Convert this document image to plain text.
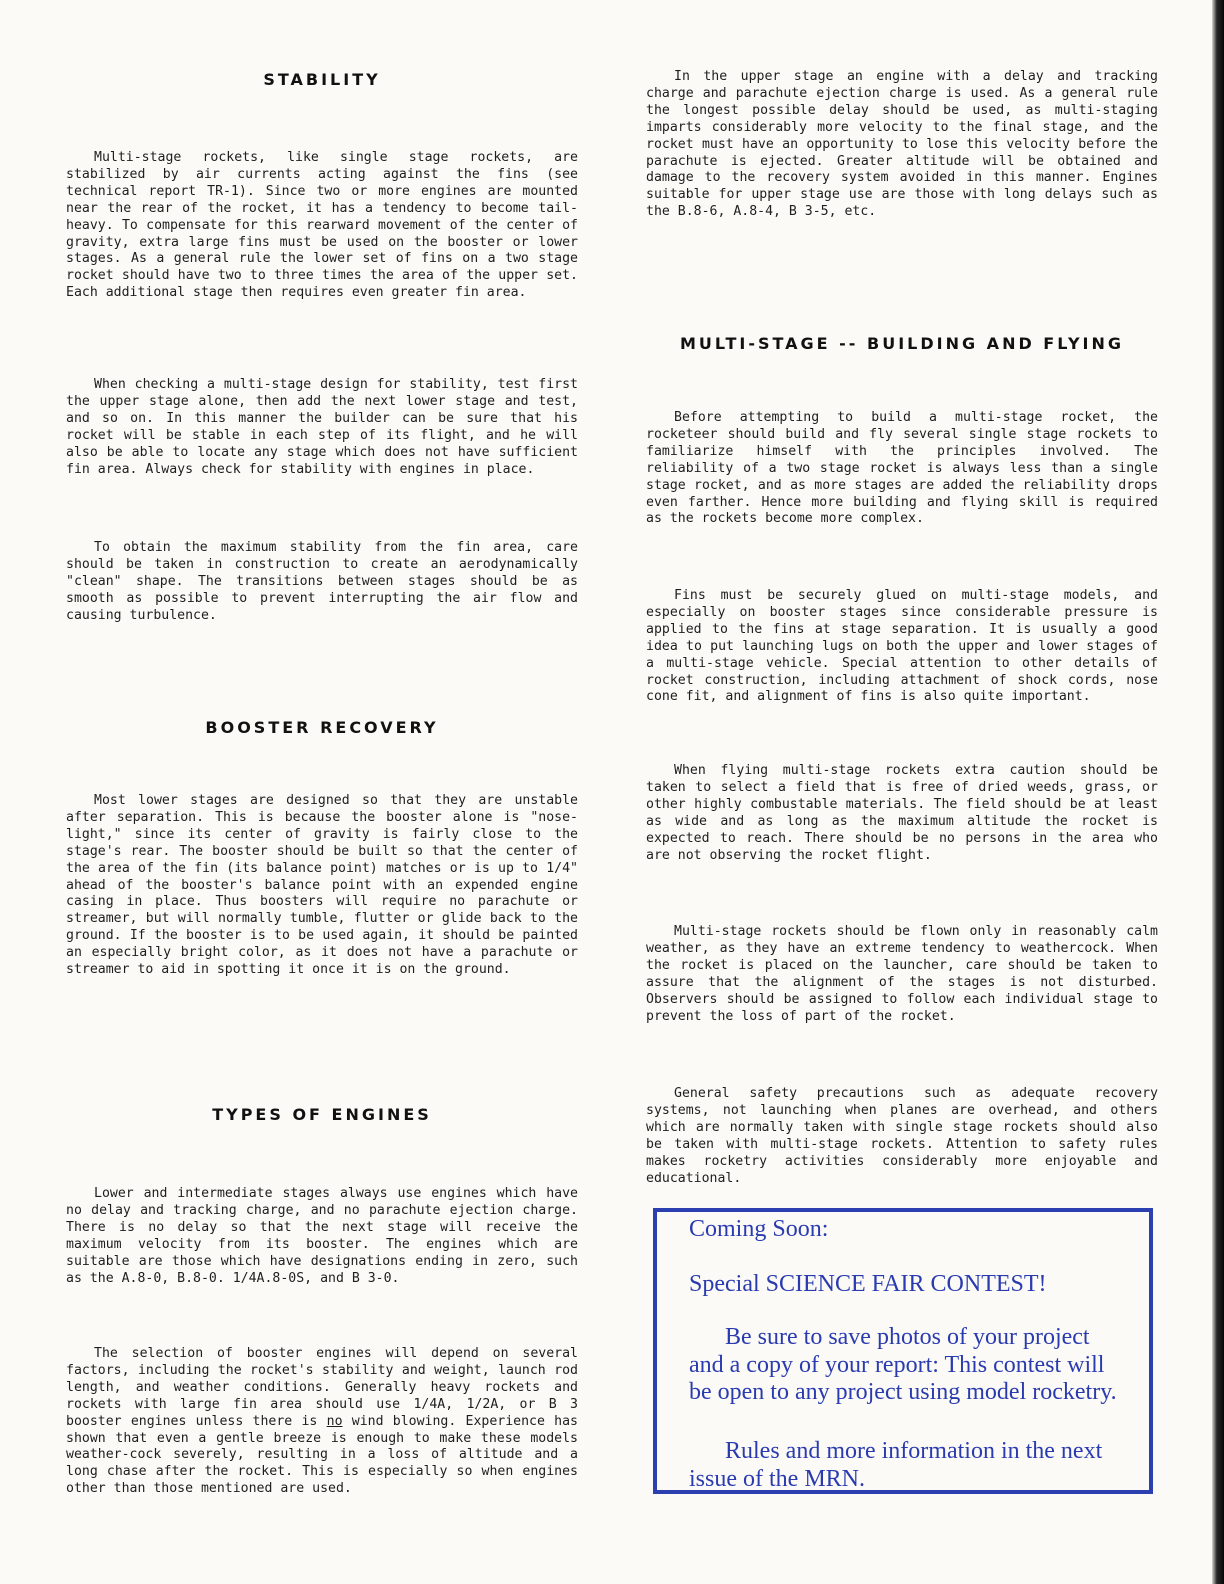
STABILITY

Multi-stage rockets, like single stage rockets, are stabilized by air currents acting against the fins (see technical report TR-1). Since two or more engines are mounted near the rear of the rocket, it has a tendency to become tail-heavy. To compensate for this rearward movement of the center of gravity, extra large fins must be used on the booster or lower stages. As a general rule the lower set of fins on a two stage rocket should have two to three times the area of the upper set. Each additional stage then requires even greater fin area.

When checking a multi-stage design for stability, test first the upper stage alone, then add the next lower stage and test, and so on. In this manner the builder can be sure that his rocket will be stable in each step of its flight, and he will also be able to locate any stage which does not have sufficient fin area. Always check for stability with engines in place.

To obtain the maximum stability from the fin area, care should be taken in construction to create an aerodynamically "clean" shape. The transitions between stages should be as smooth as possible to prevent interrupting the air flow and causing turbulence.

BOOSTER RECOVERY

Most lower stages are designed so that they are unstable after separation. This is because the booster alone is "nose-light," since its center of gravity is fairly close to the stage's rear. The booster should be built so that the center of the area of the fin (its balance point) matches or is up to 1/4" ahead of the booster's balance point with an expended engine casing in place. Thus boosters will require no parachute or streamer, but will normally tumble, flutter or glide back to the ground. If the booster is to be used again, it should be painted an especially bright color, as it does not have a parachute or streamer to aid in spotting it once it is on the ground.

TYPES OF ENGINES

Lower and intermediate stages always use engines which have no delay and tracking charge, and no parachute ejection charge. There is no delay so that the next stage will receive the maximum velocity from its booster. The engines which are suitable are those which have designations ending in zero, such as the A.8-0, B.8-0. 1/4A.8-0S, and B 3-0.

The selection of booster engines will depend on several factors, including the rocket's stability and weight, launch rod length, and weather conditions. Generally heavy rockets and rockets with large fin area should use 1/4A, 1/2A, or B 3 booster engines unless there is no wind blowing. Experience has shown that even a gentle breeze is enough to make these models weather-cock severely, resulting in a loss of altitude and a long chase after the rocket. This is especially so when engines other than those mentioned are used.

In the upper stage an engine with a delay and tracking charge and parachute ejection charge is used. As a general rule the longest possible delay should be used, as multi-staging imparts considerably more velocity to the final stage, and the rocket must have an opportunity to lose this velocity before the parachute is ejected. Greater altitude will be obtained and damage to the recovery system avoided in this manner. Engines suitable for upper stage use are those with long delays such as the B.8-6, A.8-4, B 3-5, etc.

MULTI-STAGE -- BUILDING AND FLYING

Before attempting to build a multi-stage rocket, the rocketeer should build and fly several single stage rockets to familiarize himself with the principles involved. The reliability of a two stage rocket is always less than a single stage rocket, and as more stages are added the reliability drops even farther. Hence more building and flying skill is required as the rockets become more complex.

Fins must be securely glued on multi-stage models, and especially on booster stages since considerable pressure is applied to the fins at stage separation. It is usually a good idea to put launching lugs on both the upper and lower stages of a multi-stage vehicle. Special attention to other details of rocket construction, including attachment of shock cords, nose cone fit, and alignment of fins is also quite important.

When flying multi-stage rockets extra caution should be taken to select a field that is free of dried weeds, grass, or other highly combustable materials. The field should be at least as wide and as long as the maximum altitude the rocket is expected to reach. There should be no persons in the area who are not observing the rocket flight.

Multi-stage rockets should be flown only in reasonably calm weather, as they have an extreme tendency to weathercock. When the rocket is placed on the launcher, care should be taken to assure that the alignment of the stages is not disturbed. Observers should be assigned to follow each individual stage to prevent the loss of part of the rocket.

General safety precautions such as adequate recovery systems, not launching when planes are overhead, and others which are normally taken with single stage rockets should also be taken with multi-stage rockets. Attention to safety rules makes rocketry activities considerably more enjoyable and educational.

Coming Soon:

Special SCIENCE FAIR CONTEST!

Be sure to save photos of your project and a copy of your report: This contest will be open to any project using model rocketry.

Rules and more information in the next issue of the MRN.
